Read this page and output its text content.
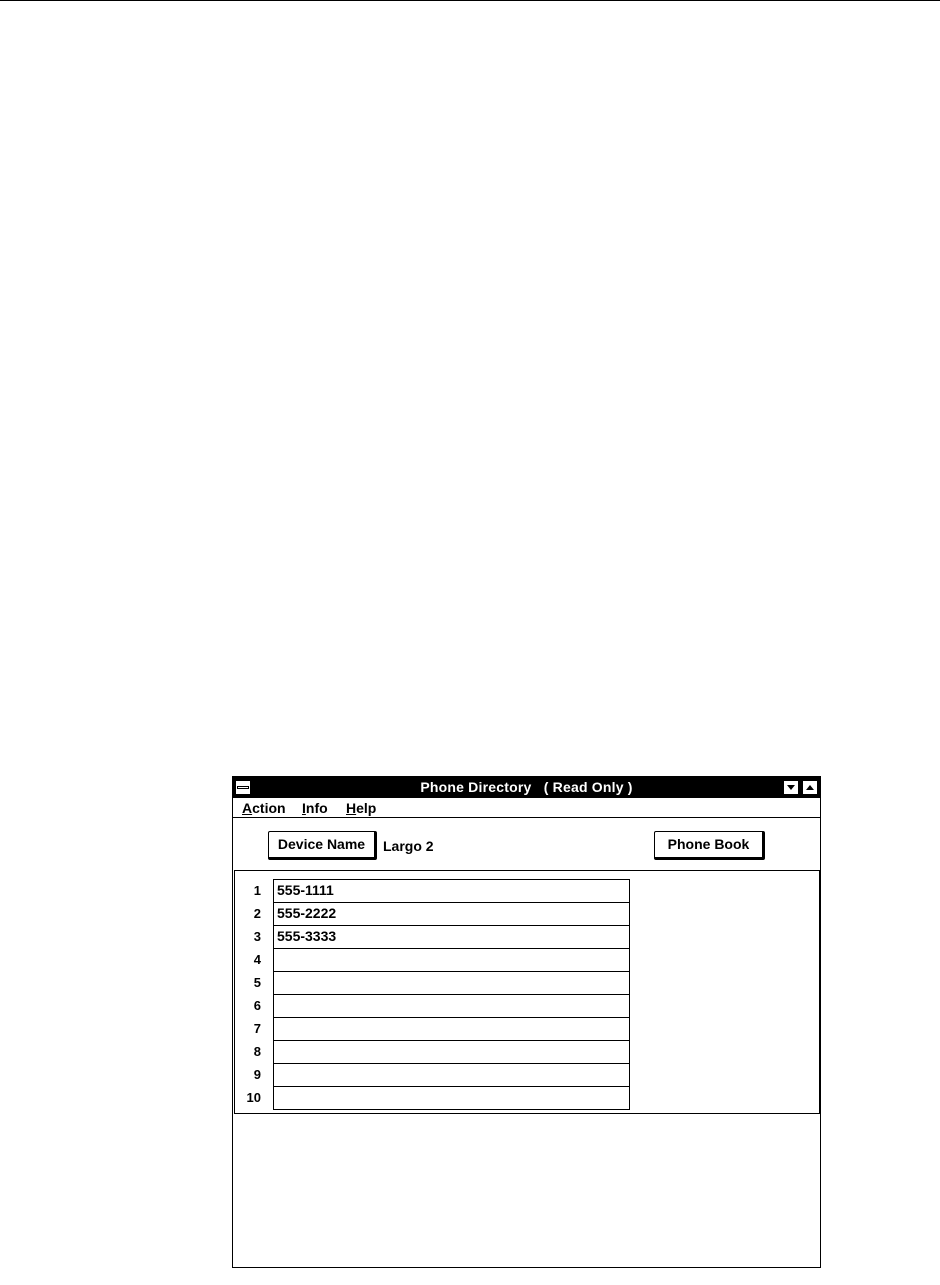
Phone Directory   ( Read Only )
Action Info Help
Device Name	Largo 2	Phone Book
1 555-1111
2 555-2222
3 555-3333
4
5
6
7
8
9
10
